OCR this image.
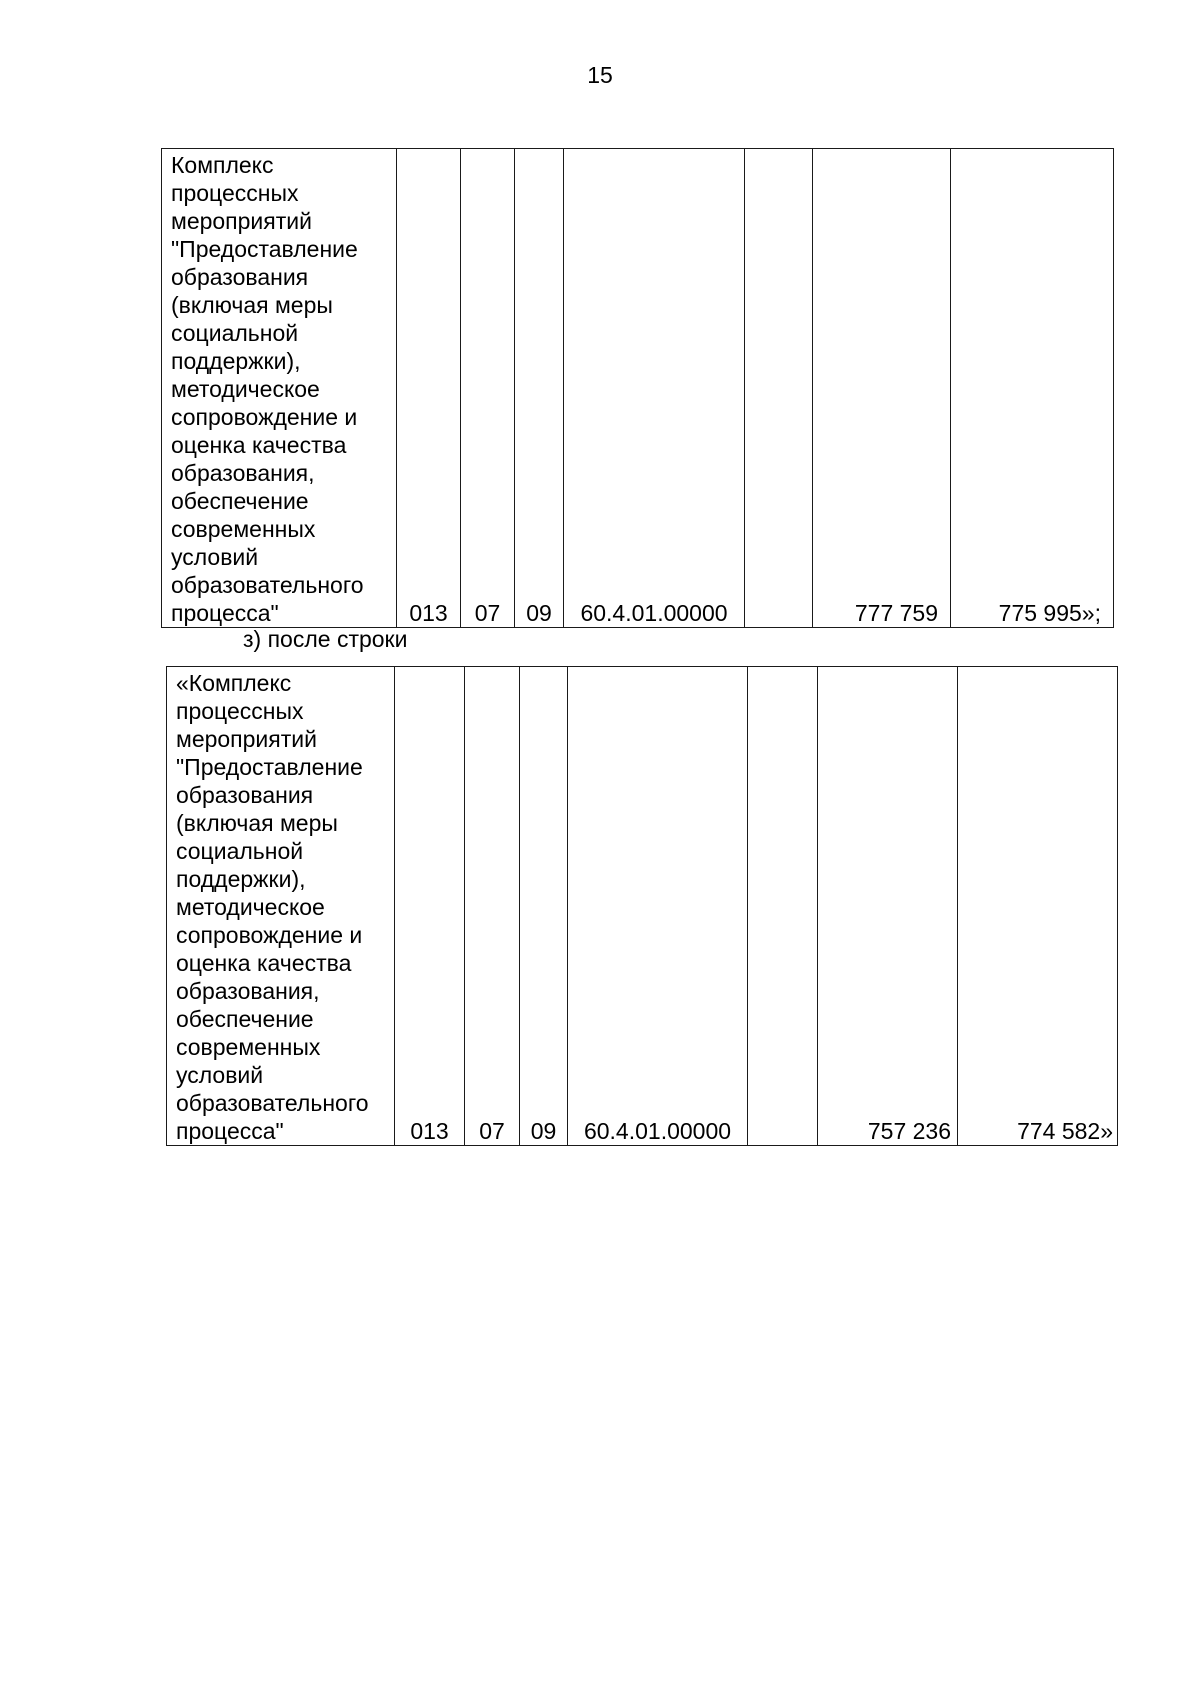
15
Комплекс
процессных
мероприятий
"Предоставление
образования
(включая меры
социальной
поддержки),
методическое
сопровождение и
оценка качества
образования,
обеспечение
современных
условий
образовательного
процесса"	013	07	09	60.4.01.00000		777 759	775 995»;
з) после строки
«Комплекс
процессных
мероприятий
"Предоставление
образования
(включая меры
социальной
поддержки),
методическое
сопровождение и
оценка качества
образования,
обеспечение
современных
условий
образовательного
процесса"	013	07	09	60.4.01.00000		757 236	774 582»
